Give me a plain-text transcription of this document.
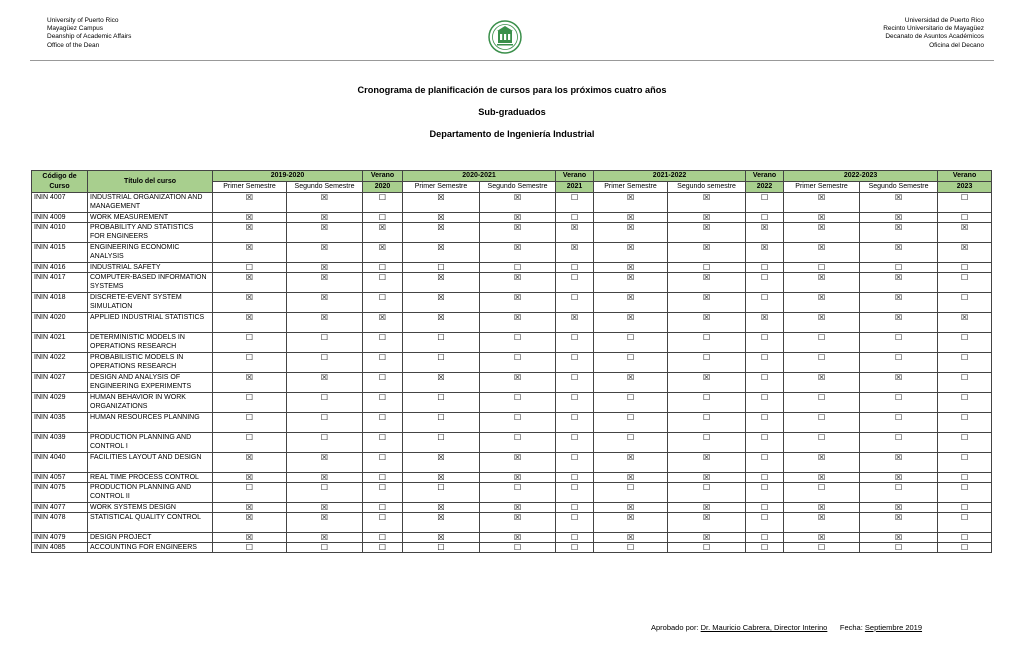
University of Puerto Rico
Mayagüez Campus
Deanship of Academic Affairs
Office of the Dean
Universidad de Puerto Rico
Recinto Universitario de Mayagüez
Decanato de Asuntos Académicos
Oficina del Decano
Cronograma de planificación de cursos para los próximos cuatro años
Sub-graduados
Departamento de Ingeniería Industrial
Código de Curso	Título del curso	2019-2020		Verano	2020-2021		Verano	2021-2022		Verano	2022-2023		Verano
		Primer Semestre	Segundo Semestre	2020	Primer Semestre	Segundo Semestre	2021	Primer Semestre	Segundo semestre	2022	Primer Semestre	Segundo Semestre	2023
ININ 4007	INDUSTRIAL ORGANIZATION AND MANAGEMENT	☒	☒	☐	☒	☒	☐	☒	☒	☐	☒	☒	☐
ININ 4009	WORK MEASUREMENT	☒	☒	☐	☒	☒	☐	☒	☒	☐	☒	☒	☐
ININ 4010	PROBABILITY AND STATISTICS FOR ENGINEERS	☒	☒	☒	☒	☒	☒	☒	☒	☒	☒	☒	☒
ININ 4015	ENGINEERING ECONOMIC ANALYSIS	☒	☒	☒	☒	☒	☒	☒	☒	☒	☒	☒	☒
ININ 4016	INDUSTRIAL SAFETY	☐	☒	☐	☐	☐	☐	☒	☐	☐	☐	☐	☐
ININ 4017	COMPUTER-BASED INFORMATION SYSTEMS	☒	☒	☐	☒	☒	☐	☒	☒	☐	☒	☒	☐
ININ 4018	DISCRETE-EVENT SYSTEM SIMULATION	☒	☒	☐	☒	☒	☐	☒	☒	☐	☒	☒	☐
ININ 4020	APPLIED INDUSTRIAL STATISTICS	☒	☒	☒	☒	☒	☒	☒	☒	☒	☒	☒	☒
ININ 4021	DETERMINISTIC MODELS IN OPERATIONS RESEARCH	☐	☐	☐	☐	☐	☐	☐	☐	☐	☐	☐	☐
ININ 4022	PROBABILISTIC MODELS IN OPERATIONS RESEARCH	☐	☐	☐	☐	☐	☐	☐	☐	☐	☐	☐	☐
ININ 4027	DESIGN AND ANALYSIS OF ENGINEERING EXPERIMENTS	☒	☒	☐	☒	☒	☐	☒	☒	☐	☒	☒	☐
ININ 4029	HUMAN BEHAVIOR IN WORK ORGANIZATIONS	☐	☐	☐	☐	☐	☐	☐	☐	☐	☐	☐	☐
ININ 4035	HUMAN RESOURCES PLANNING	☐	☐	☐	☐	☐	☐	☐	☐	☐	☐	☐	☐
ININ 4039	PRODUCTION PLANNING AND CONTROL I	☐	☐	☐	☐	☐	☐	☐	☐	☐	☐	☐	☐
ININ 4040	FACILITIES LAYOUT AND DESIGN	☒	☒	☐	☒	☒	☐	☒	☒	☐	☒	☒	☐
ININ 4057	REAL TIME PROCESS CONTROL	☒	☒	☐	☒	☒	☐	☒	☒	☐	☒	☒	☐
ININ 4075	PRODUCTION PLANNING AND CONTROL II	☐	☐	☐	☐	☐	☐	☐	☐	☐	☐	☐	☐
ININ 4077	WORK SYSTEMS DESIGN	☒	☒	☐	☒	☒	☐	☒	☒	☐	☒	☒	☐
ININ 4078	STATISTICAL QUALITY CONTROL	☒	☒	☐	☒	☒	☐	☒	☒	☐	☒	☒	☐
ININ 4079	DESIGN PROJECT	☒	☒	☐	☒	☒	☐	☒	☒	☐	☒	☒	☐
ININ 4085	ACCOUNTING FOR ENGINEERS	☐	☐	☐	☐	☐	☐	☐	☐	☐	☐	☐	☐
Aprobado por: Dr. Mauricio Cabrera, Director Interino Fecha: Septiembre 2019
